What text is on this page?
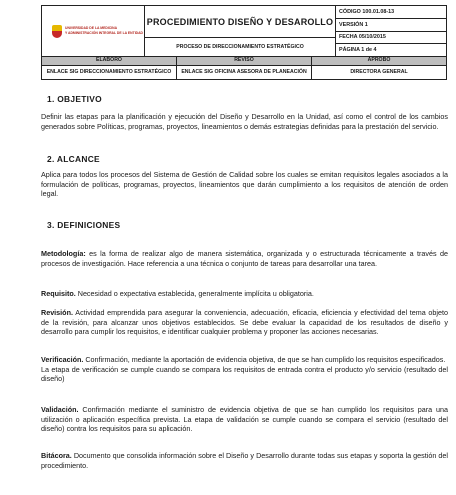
UNIVERSIDAD DE LA MEDICINA
Y ADMINISTRACIÓN INTEGRAL DE LA ENTIDAD
PROCEDIMIENTO DISEÑO Y DESAROLLO
PROCESO DE DIRECCIONAMIENTO ESTRATÉGICO
CÓDIGO 100.01.08-13
VERSIÓN 1
FECHA 05/10/2015
PÁGINA 1 de 4
ELABORO	REVISO	APROBO
ENLACE SIG DIRECCIONAMIENTO ESTRATÉGICO	ENLACE SIG OFICINA ASESORA DE PLANEACIÓN	DIRECTORA GENERAL
1. OBJETIVO
Definir las etapas para la planificación y ejecución del Diseño y Desarrollo en la Unidad, así como el control de los cambios generados sobre Políticas, programas, proyectos, lineamientos o demás estrategias definidas para la prestación del servicio.
2. ALCANCE
Aplica para todos los procesos del Sistema de Gestión de Calidad sobre los cuales se emitan requisitos legales asociados a la formulación de políticas, programas, proyectos, lineamientos que darán cumplimiento a los requisitos de atención de orden legal.
3. DEFINICIONES
Metodología: es la forma de realizar algo de manera sistemática, organizada y o estructurada técnicamente a través de procesos de investigación. Hace referencia a una técnica o conjunto de tareas para desarrollar una tarea.
Requisito. Necesidad o expectativa establecida, generalmente implícita u obligatoria.
Revisión. Actividad emprendida para asegurar la conveniencia, adecuación, eficacia, eficiencia y efectividad del tema objeto de la revisión, para alcanzar unos objetivos establecidos. Se debe evaluar la capacidad de los resultados de diseño y desarrollo para cumplir los requisitos, e identificar cualquier problema y proponer las acciones necesarias.
Verificación. Confirmación, mediante la aportación de evidencia objetiva, de que se han cumplido los requisitos especificados.
La etapa de verificación se cumple cuando se compara los requisitos de entrada contra el producto y/o servicio (resultado del diseño)
Validación. Confirmación mediante el suministro de evidencia objetiva de que se han cumplido los requisitos para una utilización o aplicación específica prevista. La etapa de validación se cumple cuando se compara el servicio (resultado del diseño) contra los requisitos para su aplicación.
Bitácora. Documento que consolida información sobre el Diseño y Desarrollo durante todas sus etapas y soporta la gestión del procedimiento.
